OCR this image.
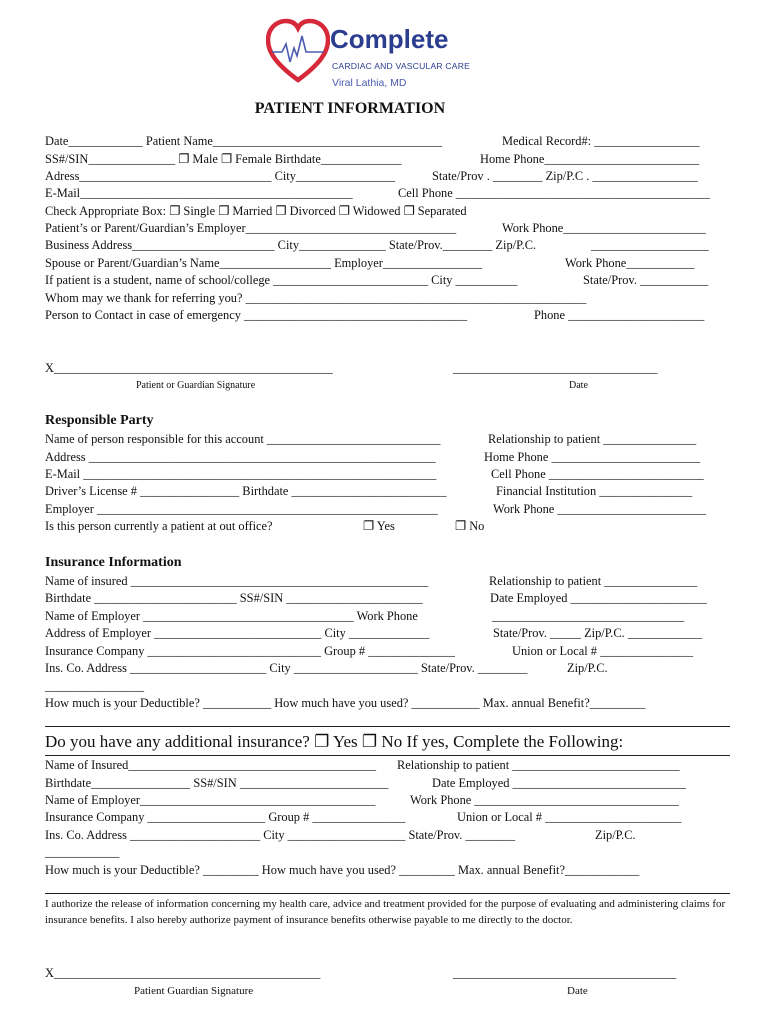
Complete
CARDIAC AND VASCULAR CARE
Viral Lathia, MD
PATIENT INFORMATION
Date____________ Patient Name_____________________________________	Medical Record#: _________________
SS#/SIN______________ ❐ Male ❐ Female Birthdate_____________	Home Phone_________________________
Adress_______________________________ City________________	State/Prov . ________ Zip/P.C . _________________
E-Mail____________________________________________	Cell Phone _________________________________________
Check Appropriate Box: ❐ Single ❐ Married ❐ Divorced ❐ Widowed ❐ Separated
Patient’s or Parent/Guardian’s Employer__________________________________	Work Phone_______________________
Business Address_______________________ City______________ State/Prov.________ Zip/P.C.	___________________
Spouse or Parent/Guardian’s Name__________________ Employer________________	Work Phone___________
If patient is a student, name of school/college _________________________ City __________	State/Prov. ___________
Whom may we thank for referring you? _______________________________________________________
Person to Contact in case of emergency ____________________________________	Phone ______________________
X_____________________________________________	_________________________________
Patient or Guardian Signature	Date
Responsible Party
Name of person responsible for this account ____________________________	Relationship to patient _______________
Address ________________________________________________________	Home Phone ________________________
E-Mail _________________________________________________________	Cell Phone _________________________
Driver’s License # ________________ Birthdate _________________________	Financial Institution _______________
Employer _______________________________________________________	Work Phone ________________________
Is this person currently a patient at out office?	❐ Yes	❐ No
Insurance Information
Name of insured ________________________________________________	Relationship to patient _______________
Birthdate _______________________ SS#/SIN ______________________	Date Employed ______________________
Name of Employer __________________________________ Work Phone	_______________________________
Address of Employer ___________________________ City _____________	State/Prov. _____ Zip/P.C. ____________
Insurance Company ____________________________ Group # ______________	Union or Local # _______________
Ins. Co. Address ______________________ City ____________________ State/Prov. ________	Zip/P.C.
________________
How much is your Deductible? ___________ How much have you used? ___________ Max. annual Benefit?_________
Do you have any additional insurance? ❐ Yes ❐ No If yes, Complete the Following:
Name of Insured________________________________________ Relationship to patient ___________________________
Birthdate________________ SS#/SIN ________________________	Date Employed ____________________________
Name of Employer______________________________________	Work Phone _________________________________
Insurance Company ___________________ Group # _______________	Union or Local # ______________________
Ins. Co. Address _____________________ City ___________________ State/Prov. ________	Zip/P.C.
____________
How much is your Deductible? _________ How much have you used? _________ Max. annual Benefit?____________
I authorize the release of information concerning my health care, advice and treatment provided for the purpose of evaluating and administering claims for insurance benefits. I also hereby authorize payment of insurance benefits otherwise payable to me directly to the doctor.
X___________________________________________	____________________________________
Patient Guardian Signature	Date
